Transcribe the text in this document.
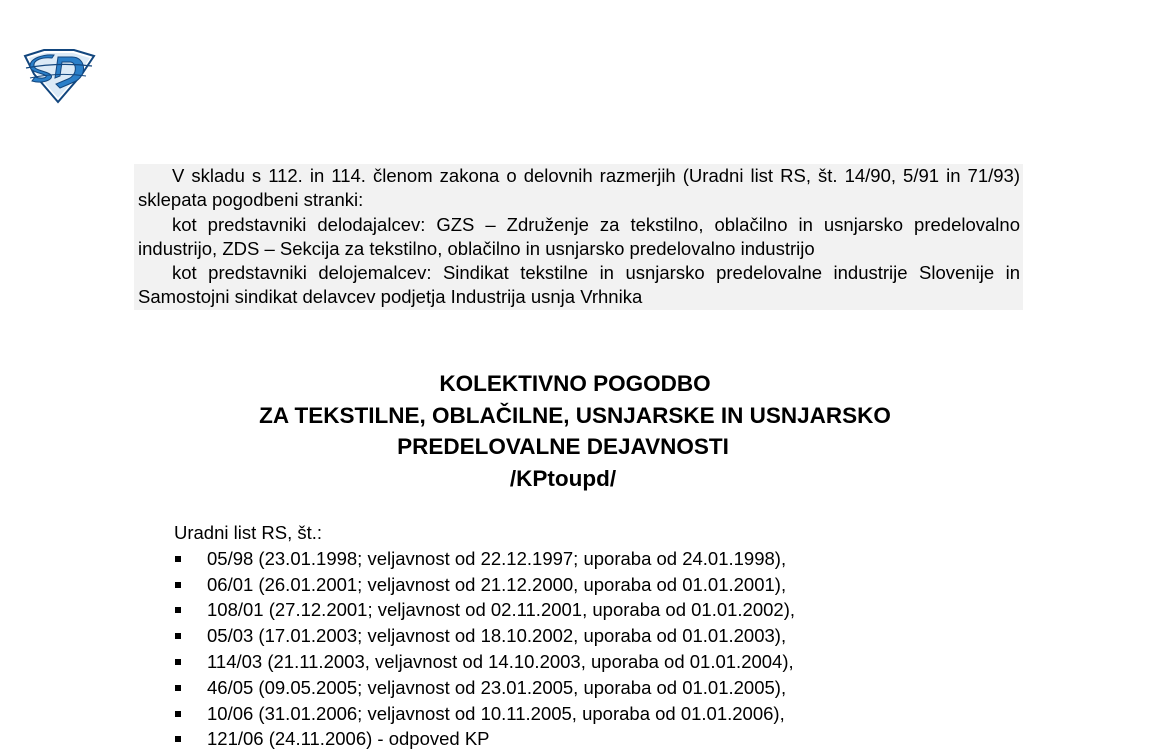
V skladu s 112. in 114. členom zakona o delovnih razmerjih (Uradni list RS, št. 14/90, 5/91 in 71/93) sklepata pogodbeni stranki:

kot predstavniki delodajalcev: GZS – Združenje za tekstilno, oblačilno in usnjarsko predelovalno industrijo, ZDS – Sekcija za tekstilno, oblačilno in usnjarsko predelovalno industrijo

kot predstavniki delojemalcev: Sindikat tekstilne in usnjarsko predelovalne industrije Slovenije in Samostojni sindikat delavcev podjetja Industrija usnja Vrhnika

KOLEKTIVNO POGODBO
ZA TEKSTILNE, OBLAČILNE, USNJARSKE IN USNJARSKO
PREDELOVALNE DEJAVNOSTI
/KPtoupd/
Uradni list RS, št.:
05/98 (23.01.1998; veljavnost od 22.12.1997; uporaba od 24.01.1998),
06/01 (26.01.2001; veljavnost od 21.12.2000, uporaba od 01.01.2001),
108/01 (27.12.2001; veljavnost od 02.11.2001, uporaba od 01.01.2002),
05/03 (17.01.2003; veljavnost od 18.10.2002, uporaba od 01.01.2003),
114/03 (21.11.2003, veljavnost od 14.10.2003, uporaba od 01.01.2004),
46/05 (09.05.2005; veljavnost od 23.01.2005, uporaba od 01.01.2005),
10/06 (31.01.2006; veljavnost od 10.11.2005, uporaba od 01.01.2006),
121/06 (24.11.2006) - odpoved KP
